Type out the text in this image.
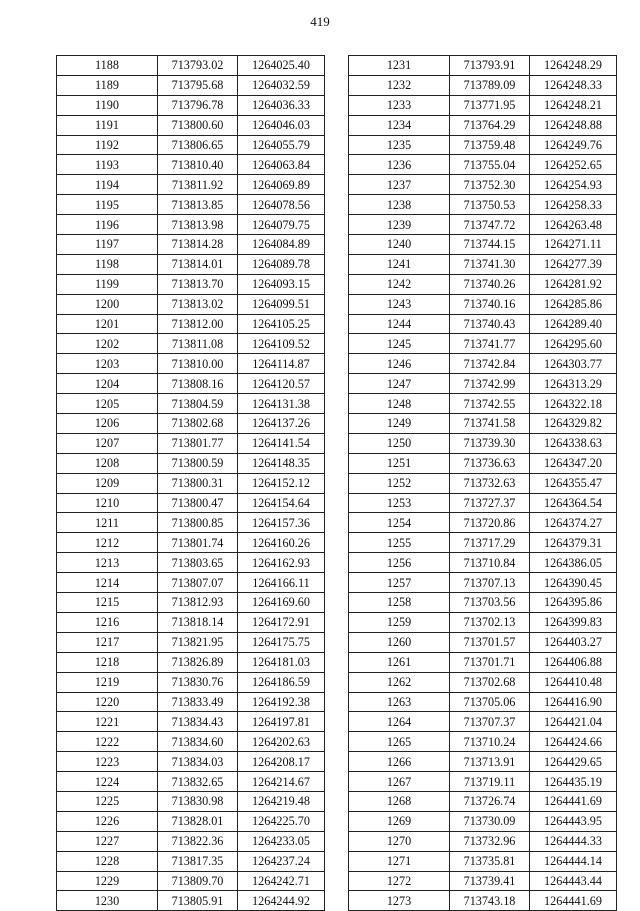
419
1188	713793.02	1264025.40
1189	713795.68	1264032.59
1190	713796.78	1264036.33
1191	713800.60	1264046.03
1192	713806.65	1264055.79
1193	713810.40	1264063.84
1194	713811.92	1264069.89
1195	713813.85	1264078.56
1196	713813.98	1264079.75
1197	713814.28	1264084.89
1198	713814.01	1264089.78
1199	713813.70	1264093.15
1200	713813.02	1264099.51
1201	713812.00	1264105.25
1202	713811.08	1264109.52
1203	713810.00	1264114.87
1204	713808.16	1264120.57
1205	713804.59	1264131.38
1206	713802.68	1264137.26
1207	713801.77	1264141.54
1208	713800.59	1264148.35
1209	713800.31	1264152.12
1210	713800.47	1264154.64
1211	713800.85	1264157.36
1212	713801.74	1264160.26
1213	713803.65	1264162.93
1214	713807.07	1264166.11
1215	713812.93	1264169.60
1216	713818.14	1264172.91
1217	713821.95	1264175.75
1218	713826.89	1264181.03
1219	713830.76	1264186.59
1220	713833.49	1264192.38
1221	713834.43	1264197.81
1222	713834.60	1264202.63
1223	713834.03	1264208.17
1224	713832.65	1264214.67
1225	713830.98	1264219.48
1226	713828.01	1264225.70
1227	713822.36	1264233.05
1228	713817.35	1264237.24
1229	713809.70	1264242.71
1230	713805.91	1264244.92
1231	713793.91	1264248.29
1232	713789.09	1264248.33
1233	713771.95	1264248.21
1234	713764.29	1264248.88
1235	713759.48	1264249.76
1236	713755.04	1264252.65
1237	713752.30	1264254.93
1238	713750.53	1264258.33
1239	713747.72	1264263.48
1240	713744.15	1264271.11
1241	713741.30	1264277.39
1242	713740.26	1264281.92
1243	713740.16	1264285.86
1244	713740.43	1264289.40
1245	713741.77	1264295.60
1246	713742.84	1264303.77
1247	713742.99	1264313.29
1248	713742.55	1264322.18
1249	713741.58	1264329.82
1250	713739.30	1264338.63
1251	713736.63	1264347.20
1252	713732.63	1264355.47
1253	713727.37	1264364.54
1254	713720.86	1264374.27
1255	713717.29	1264379.31
1256	713710.84	1264386.05
1257	713707.13	1264390.45
1258	713703.56	1264395.86
1259	713702.13	1264399.83
1260	713701.57	1264403.27
1261	713701.71	1264406.88
1262	713702.68	1264410.48
1263	713705.06	1264416.90
1264	713707.37	1264421.04
1265	713710.24	1264424.66
1266	713713.91	1264429.65
1267	713719.11	1264435.19
1268	713726.74	1264441.69
1269	713730.09	1264443.95
1270	713732.96	1264444.33
1271	713735.81	1264444.14
1272	713739.41	1264443.44
1273	713743.18	1264441.69
